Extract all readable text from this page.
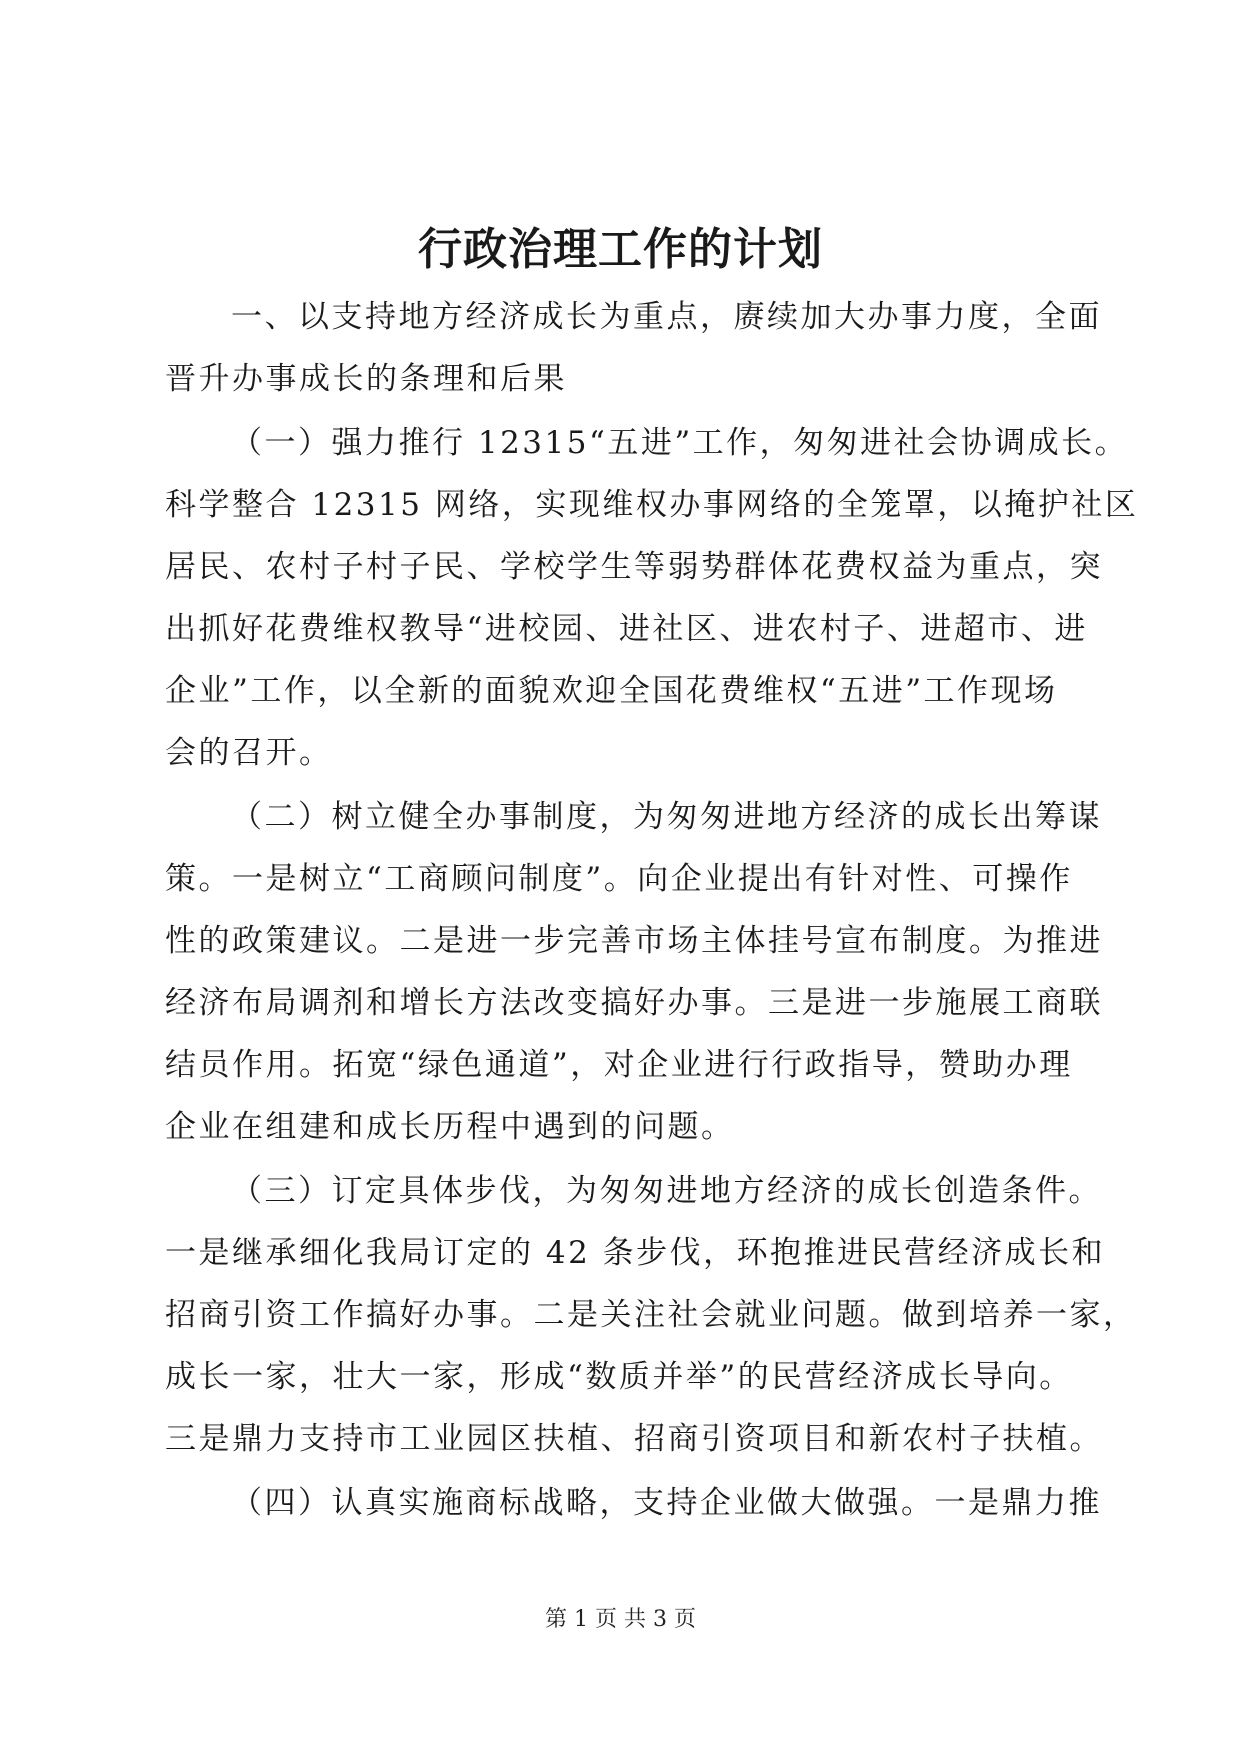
行政治理工作的计划
一、以支持地方经济成长为重点，赓续加大办事力度，全面
晋升办事成长的条理和后果
（一）强力推行 12315“五进”工作，匆匆进社会协调成长。
科学整合 12315 网络，实现维权办事网络的全笼罩，以掩护社区
居民、农村子村子民、学校学生等弱势群体花费权益为重点，突
出抓好花费维权教导“进校园、进社区、进农村子、进超市、进
企业”工作，以全新的面貌欢迎全国花费维权“五进”工作现场
会的召开。
（二）树立健全办事制度，为匆匆进地方经济的成长出筹谋
策。一是树立“工商顾问制度”。向企业提出有针对性、可操作
性的政策建议。二是进一步完善市场主体挂号宣布制度。为推进
经济布局调剂和增长方法改变搞好办事。三是进一步施展工商联
结员作用。拓宽“绿色通道”，对企业进行行政指导，赞助办理
企业在组建和成长历程中遇到的问题。
（三）订定具体步伐，为匆匆进地方经济的成长创造条件。
一是继承细化我局订定的 42 条步伐，环抱推进民营经济成长和
招商引资工作搞好办事。二是关注社会就业问题。做到培养一家，
成长一家，壮大一家，形成“数质并举”的民营经济成长导向。
三是鼎力支持市工业园区扶植、招商引资项目和新农村子扶植。
（四）认真实施商标战略，支持企业做大做强。一是鼎力推
第 1 页 共 3 页
